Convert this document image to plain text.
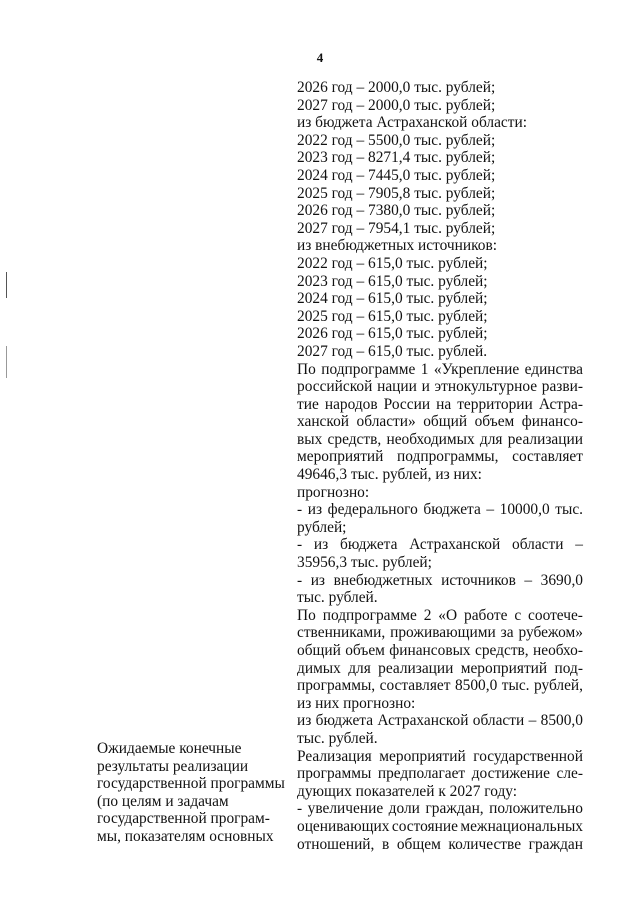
4
Ожидаемые конечные
результаты реализации
государственной программы
(по целям и задачам
государственной програм-
мы, показателям основных
2026 год – 2000,0 тыс. рублей;
2027 год – 2000,0 тыс. рублей;
из бюджета Астраханской области:
2022 год – 5500,0 тыс. рублей;
2023 год – 8271,4 тыс. рублей;
2024 год – 7445,0 тыс. рублей;
2025 год – 7905,8 тыс. рублей;
2026 год – 7380,0 тыс. рублей;
2027 год – 7954,1 тыс. рублей;
из внебюджетных источников:
2022 год – 615,0 тыс. рублей;
2023 год – 615,0 тыс. рублей;
2024 год – 615,0 тыс. рублей;
2025 год – 615,0 тыс. рублей;
2026 год – 615,0 тыс. рублей;
2027 год – 615,0 тыс. рублей.
По подпрограмме 1 «Укрепление единства
российской нации и этнокультурное разви-
тие народов России на территории Астра-
ханской области» общий объем финансо-
вых средств, необходимых для реализации
мероприятий подпрограммы, составляет
49646,3 тыс. рублей, из них:
прогнозно:
- из федерального бюджета – 10000,0 тыс.
рублей;
- из бюджета Астраханской области –
35956,3 тыс. рублей;
- из внебюджетных источников – 3690,0
тыс. рублей.
По подпрограмме 2 «О работе с соотече-
ственниками, проживающими за рубежом»
общий объем финансовых средств, необхо-
димых для реализации мероприятий под-
программы, составляет 8500,0 тыс. рублей,
из них прогнозно:
из бюджета Астраханской области – 8500,0
тыс. рублей.
Реализация мероприятий государственной
программы предполагает достижение сле-
дующих показателей к 2027 году:
- увеличение доли граждан, положительно
оценивающих состояние межнациональных
отношений, в общем количестве граждан
